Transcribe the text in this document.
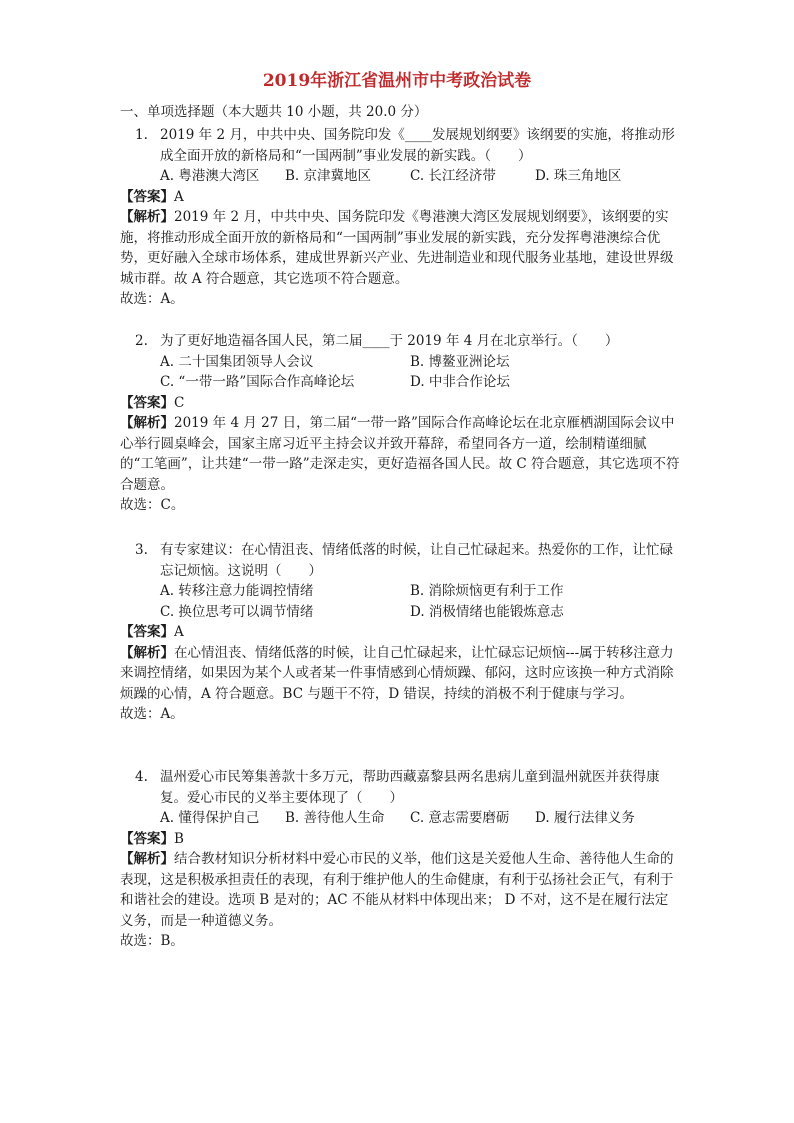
2019年浙江省温州市中考政治试卷
一、单项选择题（本大题共 10 小题，共 20.0 分）
1. 2019 年 2 月，中共中央、国务院印发《____发展规划纲要》该纲要的实施，将推动形成全面开放的新格局和“一国两制”事业发展的新实践。（　　）
A. 粤港澳大湾区	B. 京津冀地区	C. 长江经济带	D. 珠三角地区
【答案】A
【解析】2019 年 2 月，中共中央、国务院印发《粤港澳大湾区发展规划纲要》，该纲要的实施，将推动形成全面开放的新格局和“一国两制”事业发展的新实践，充分发挥粤港澳综合优势，更好融入全球市场体系，建成世界新兴产业、先进制造业和现代服务业基地，建设世界级城市群。故 A 符合题意，其它选项不符合题意。
故选：A。
2. 为了更好地造福各国人民，第二届____于 2019 年 4 月在北京举行。（　　）
A. 二十国集团领导人会议	B. 博鳌亚洲论坛
C. “一带一路”国际合作高峰论坛	D. 中非合作论坛
【答案】C
【解析】2019 年 4 月 27 日，第二届“一带一路”国际合作高峰论坛在北京雁栖湖国际会议中心举行圆桌峰会，国家主席习近平主持会议并致开幕辞，希望同各方一道，绘制精谨细腻的“工笔画”，让共建“一带一路”走深走实，更好造福各国人民。故 C 符合题意，其它选项不符合题意。
故选：C。
3. 有专家建议：在心情沮丧、情绪低落的时候，让自己忙碌起来。热爱你的工作，让忙碌忘记烦恼。这说明（　　）
A. 转移注意力能调控情绪	B. 消除烦恼更有利于工作
C. 换位思考可以调节情绪	D. 消极情绪也能锻炼意志
【答案】A
【解析】在心情沮丧、情绪低落的时候，让自己忙碌起来，让忙碌忘记烦恼---属于转移注意力来调控情绪，如果因为某个人或者某一件事情感到心情烦躁、郁闷，这时应该换一种方式消除烦躁的心情，A 符合题意。BC 与题干不符，D 错误，持续的消极不利于健康与学习。
故选：A。
4. 温州爱心市民筹集善款十多万元，帮助西藏嘉黎县两名患病儿童到温州就医并获得康复。爱心市民的义举主要体现了（　　）
A. 懂得保护自己	B. 善待他人生命	C. 意志需要磨砺	D. 履行法律义务
【答案】B
【解析】结合教材知识分析材料中爱心市民的义举，他们这是关爱他人生命、善待他人生命的表现，这是积极承担责任的表现，有利于维护他人的生命健康，有利于弘扬社会正气，有利于和谐社会的建设。选项 B 是对的；AC 不能从材料中体现出来； D 不对，这不是在履行法定义务，而是一种道德义务。
故选：B。
